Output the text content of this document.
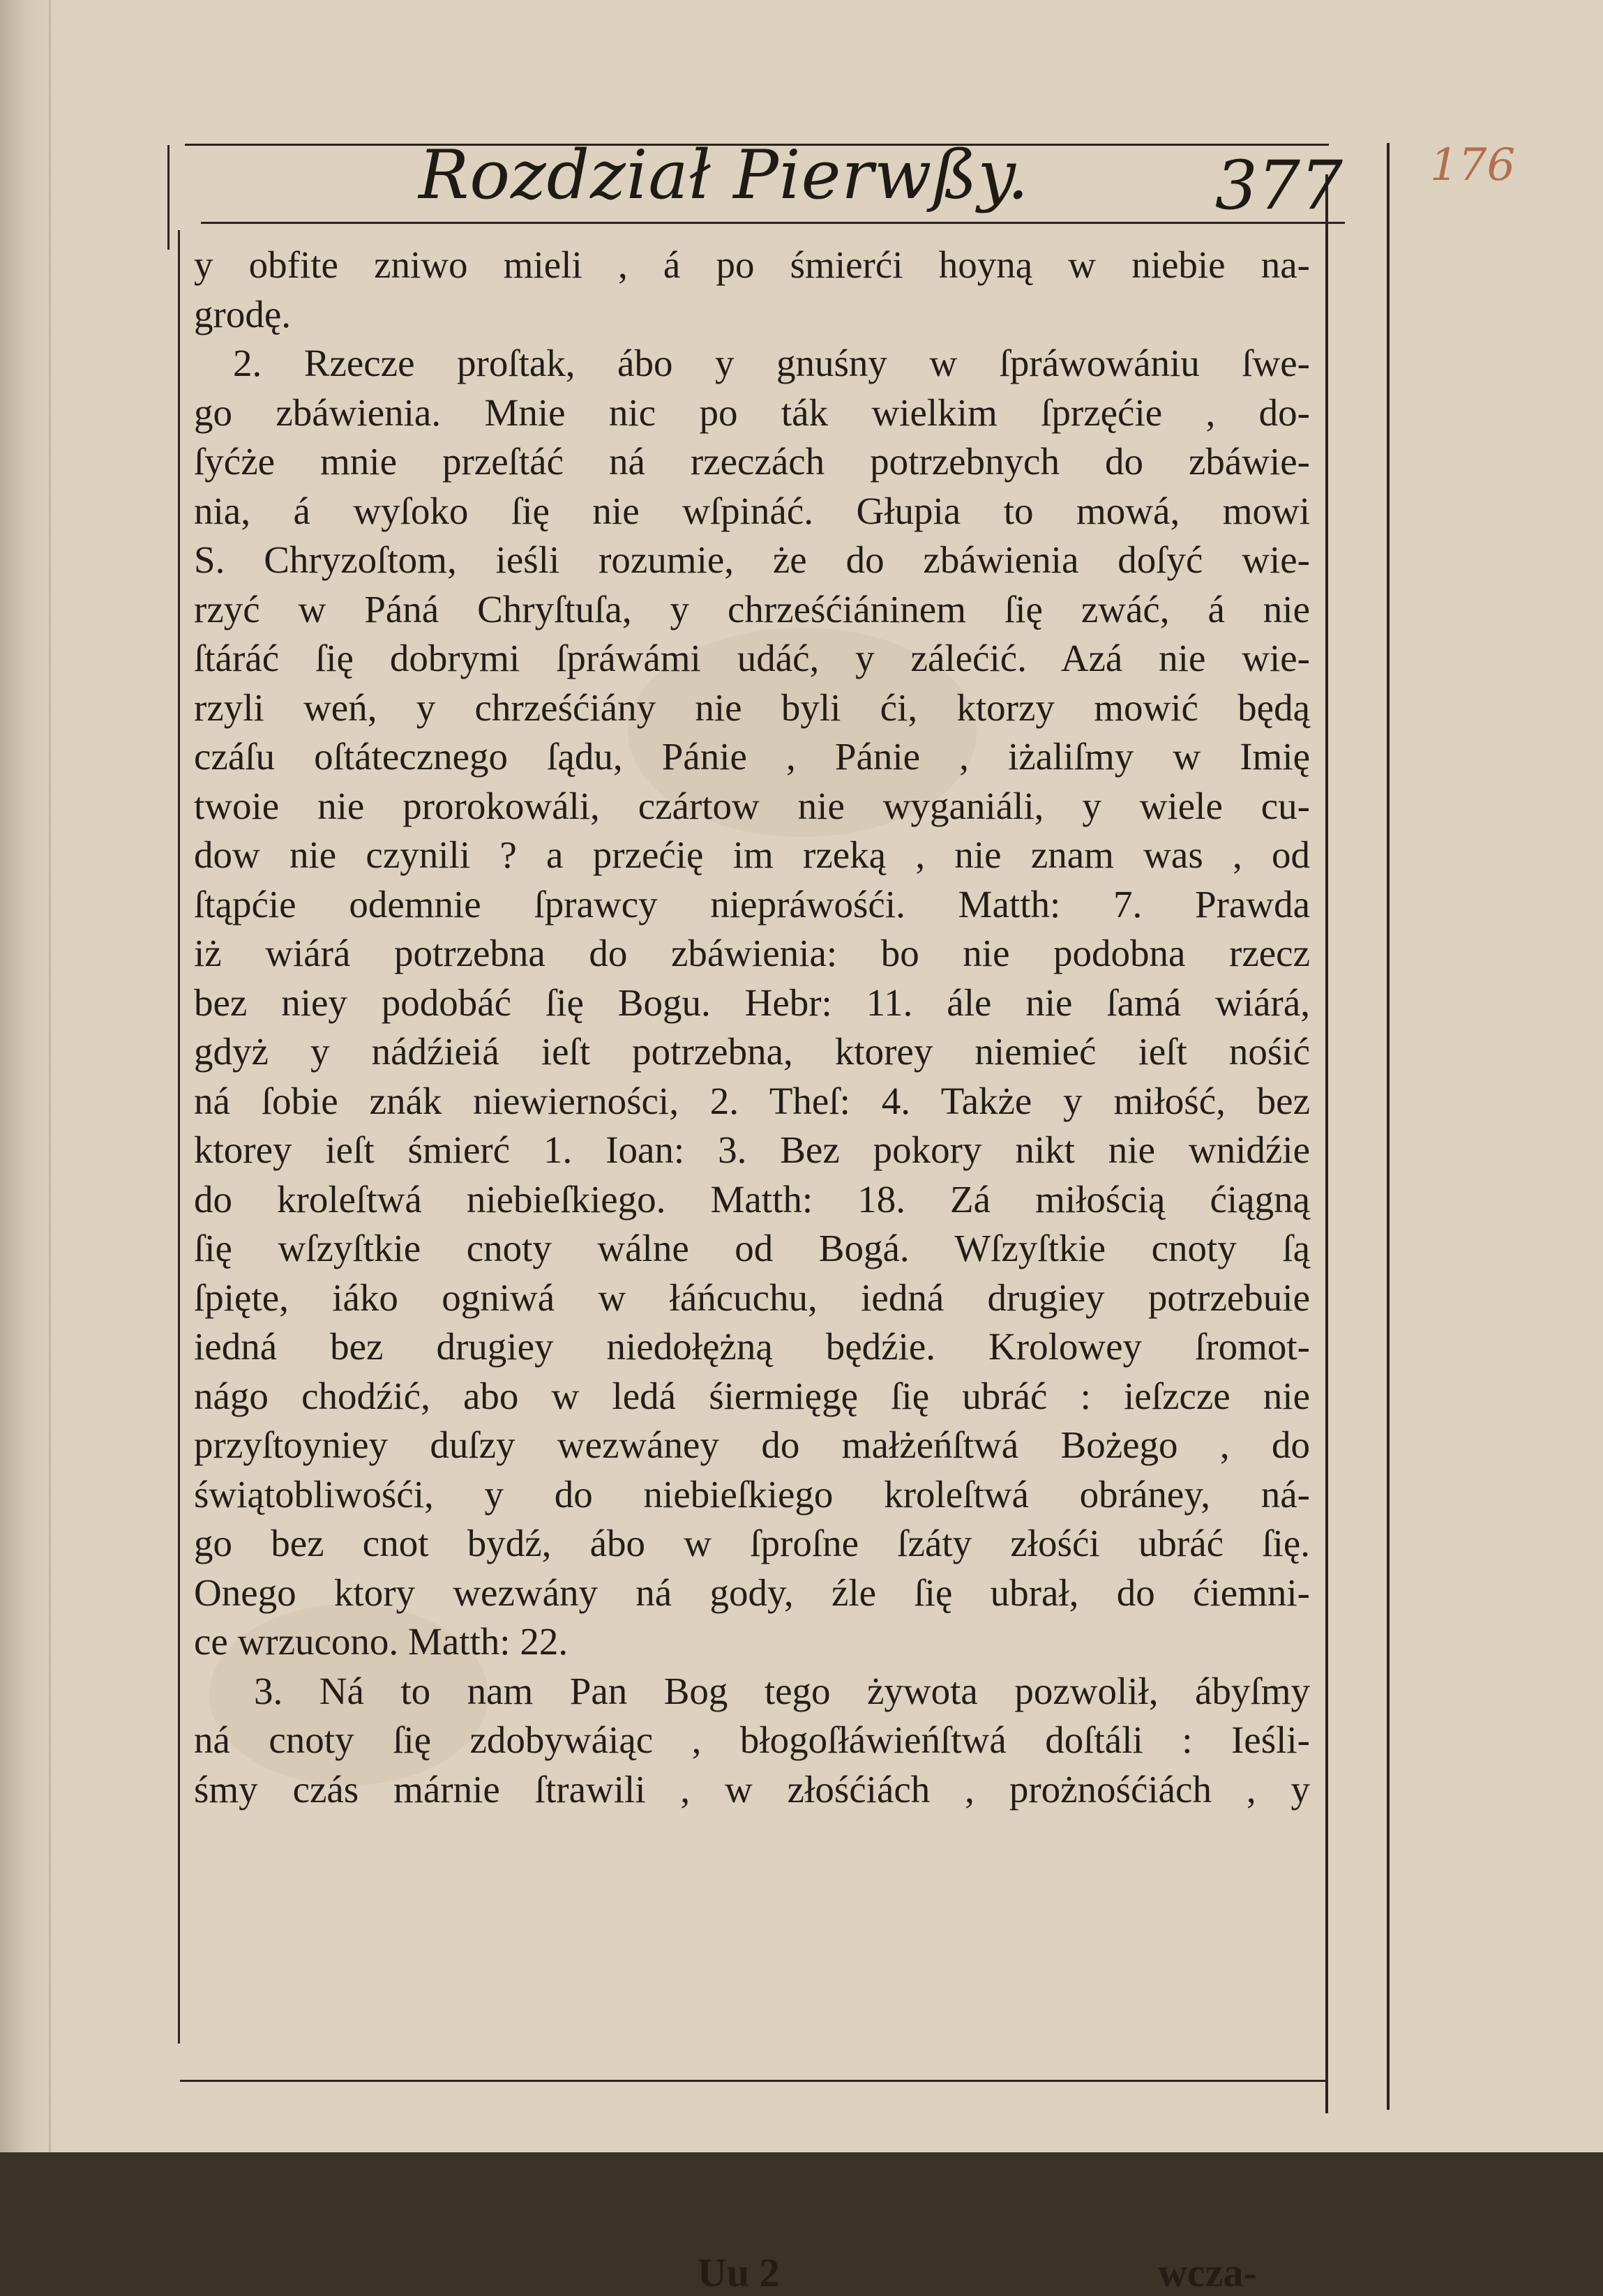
Rozdział Pierwßy.	377 176
y obfite zniwo mieli , á po śmierći hoyną w niebie na-
grodę.
2. Rzecze proſtak, ábo y gnuśny w ſpráwowániu ſwe-
go zbáwienia. Mnie nic po ták wielkim ſprzęćie , do-
ſyćże mnie przeſtáć ná rzeczách potrzebnych do zbáwie-
nia, á wyſoko ſię nie wſpináć. Głupia to mowá, mowi
S. Chryzoſtom, ieśli rozumie, że do zbáwienia doſyć wie-
rzyć w Páná Chryſtuſa, y chrześćiáninem ſię zwáć, á nie
ſtáráć ſię dobrymi ſpráwámi udáć, y zálećić. Azá nie wie-
rzyli weń, y chrześćiány nie byli ći, ktorzy mowić będą
czáſu oſtátecznego ſądu, Pánie , Pánie , iżaliſmy w Imię
twoie nie prorokowáli, czártow nie wyganiáli, y wiele cu-
dow nie czynili ? a przećię im rzeką , nie znam was , od
ſtąpćie odemnie ſprawcy niepráwośći. Matth: 7. Prawda
iż wiárá potrzebna do zbáwienia: bo nie podobna rzecz
bez niey podobáć ſię Bogu. Hebr: 11. ále nie ſamá wiárá,
gdyż y nádźieiá ieſt potrzebna, ktorey niemieć ieſt nośić
ná ſobie znák niewierności, 2. Theſ: 4. Także y miłość, bez
ktorey ieſt śmierć 1. Ioan: 3. Bez pokory nikt nie wnidźie
do kroleſtwá niebieſkiego. Matth: 18. Zá miłością ćiągną
ſię wſzyſtkie cnoty wálne od Bogá. Wſzyſtkie cnoty ſą
ſpięte, iáko ogniwá w łáńcuchu, iedná drugiey potrzebuie
iedná bez drugiey niedołężną będźie. Krolowey ſromot-
nágo chodźić, abo w ledá śiermięgę ſię ubráć : ieſzcze nie
przyſtoyniey duſzy wezwáney do małżeńſtwá Bożego , do
świątobliwośći, y do niebieſkiego kroleſtwá obráney, ná-
go bez cnot bydź, ábo w ſproſne ſzáty złośći ubráć ſię.
Onego ktory wezwány ná gody, źle ſię ubrał, do ćiemni-
ce wrzucono. Matth: 22.
3. Ná to nam Pan Bog tego żywota pozwolił, ábyſmy
ná cnoty ſię zdobywáiąc , błogoſłáwieńſtwá doſtáli : Ieśli-
śmy czás márnie ſtrawili , w złośćiách , prożnośćiách , y
Uu 2	wcza-
